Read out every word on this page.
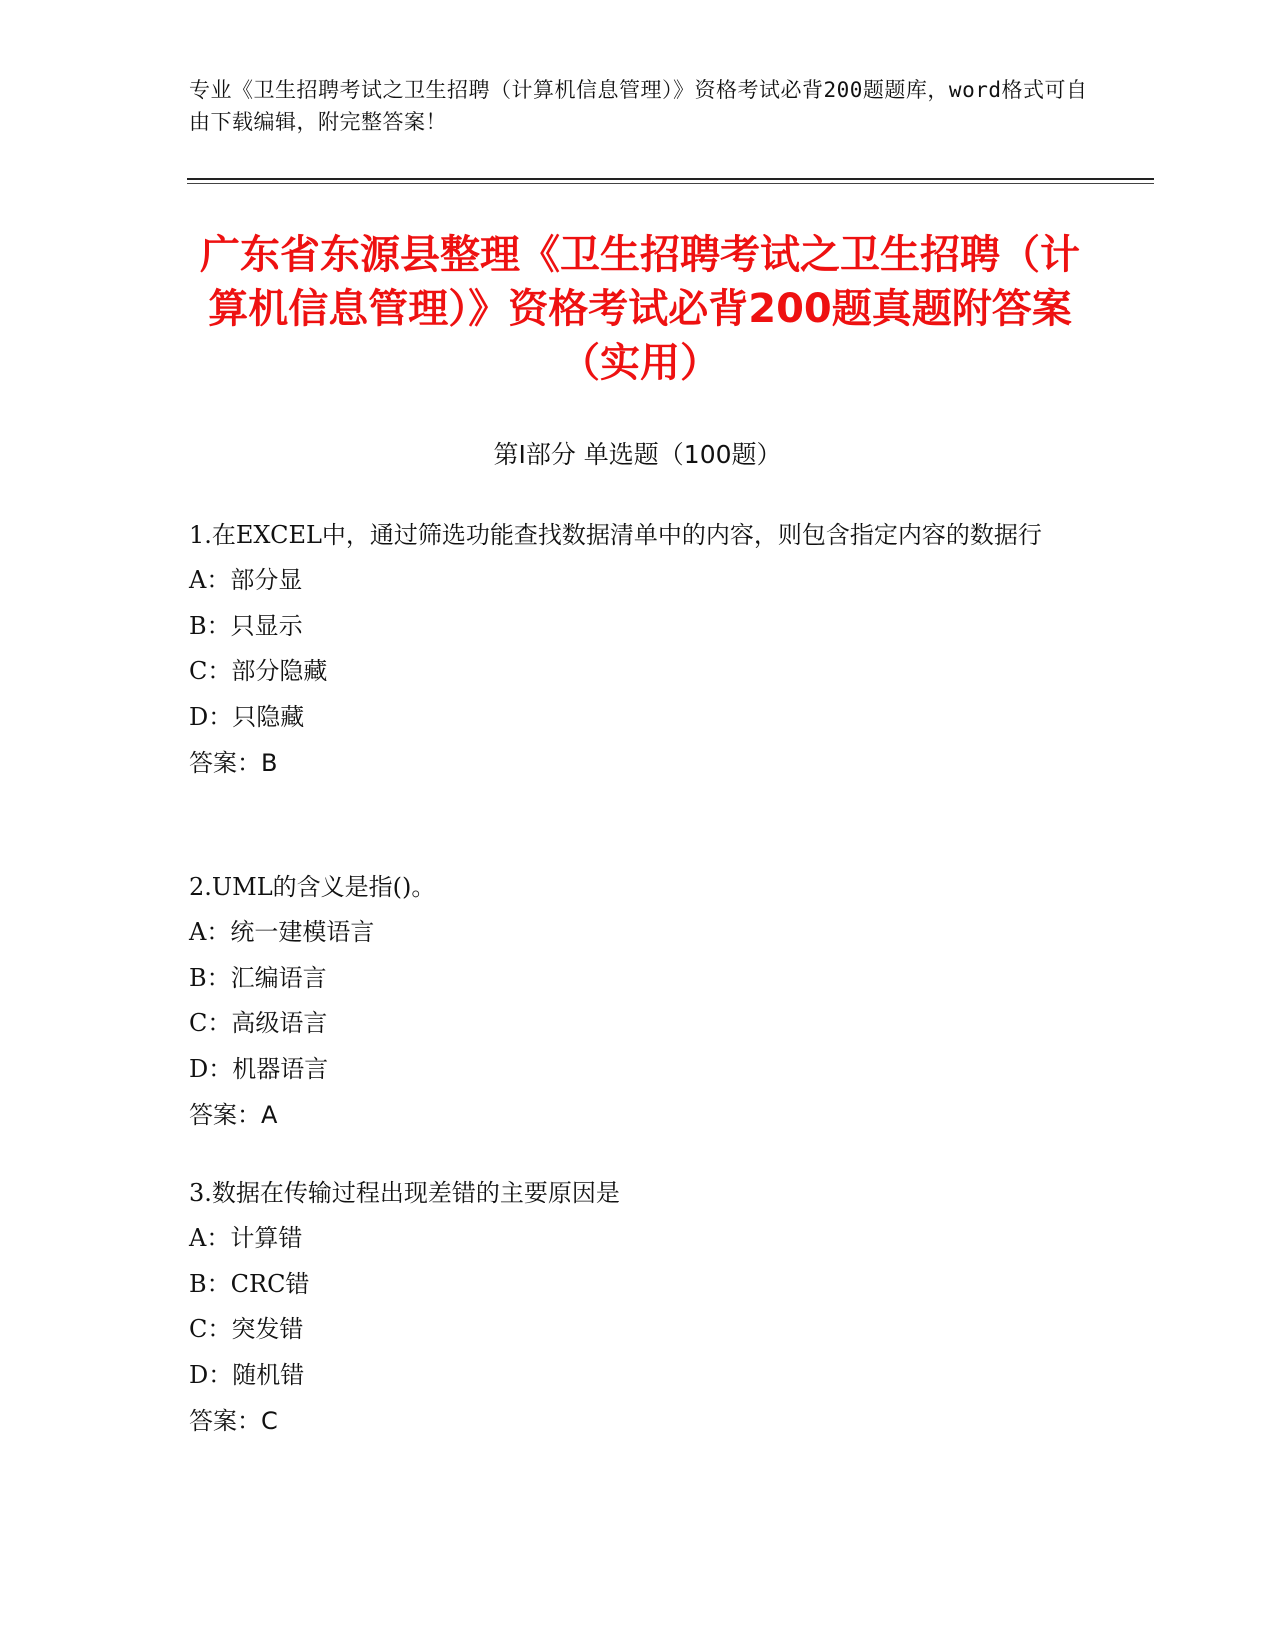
专业《卫生招聘考试之卫生招聘（计算机信息管理）》资格考试必背200题题库，word格式可自由下载编辑，附完整答案！
广东省东源县整理《卫生招聘考试之卫生招聘（计算机信息管理）》资格考试必背200题真题附答案（实用）
第I部分 单选题（100题）

1.在EXCEL中，通过筛选功能查找数据清单中的内容，则包含指定内容的数据行

A：部分显

B：只显示

C：部分隐藏

D：只隐藏

答案：B

2.UML的含义是指()。

A：统一建模语言

B：汇编语言

C：高级语言

D：机器语言

答案：A

3.数据在传输过程出现差错的主要原因是

A：计算错

B：CRC错

C：突发错

D：随机错

答案：C
